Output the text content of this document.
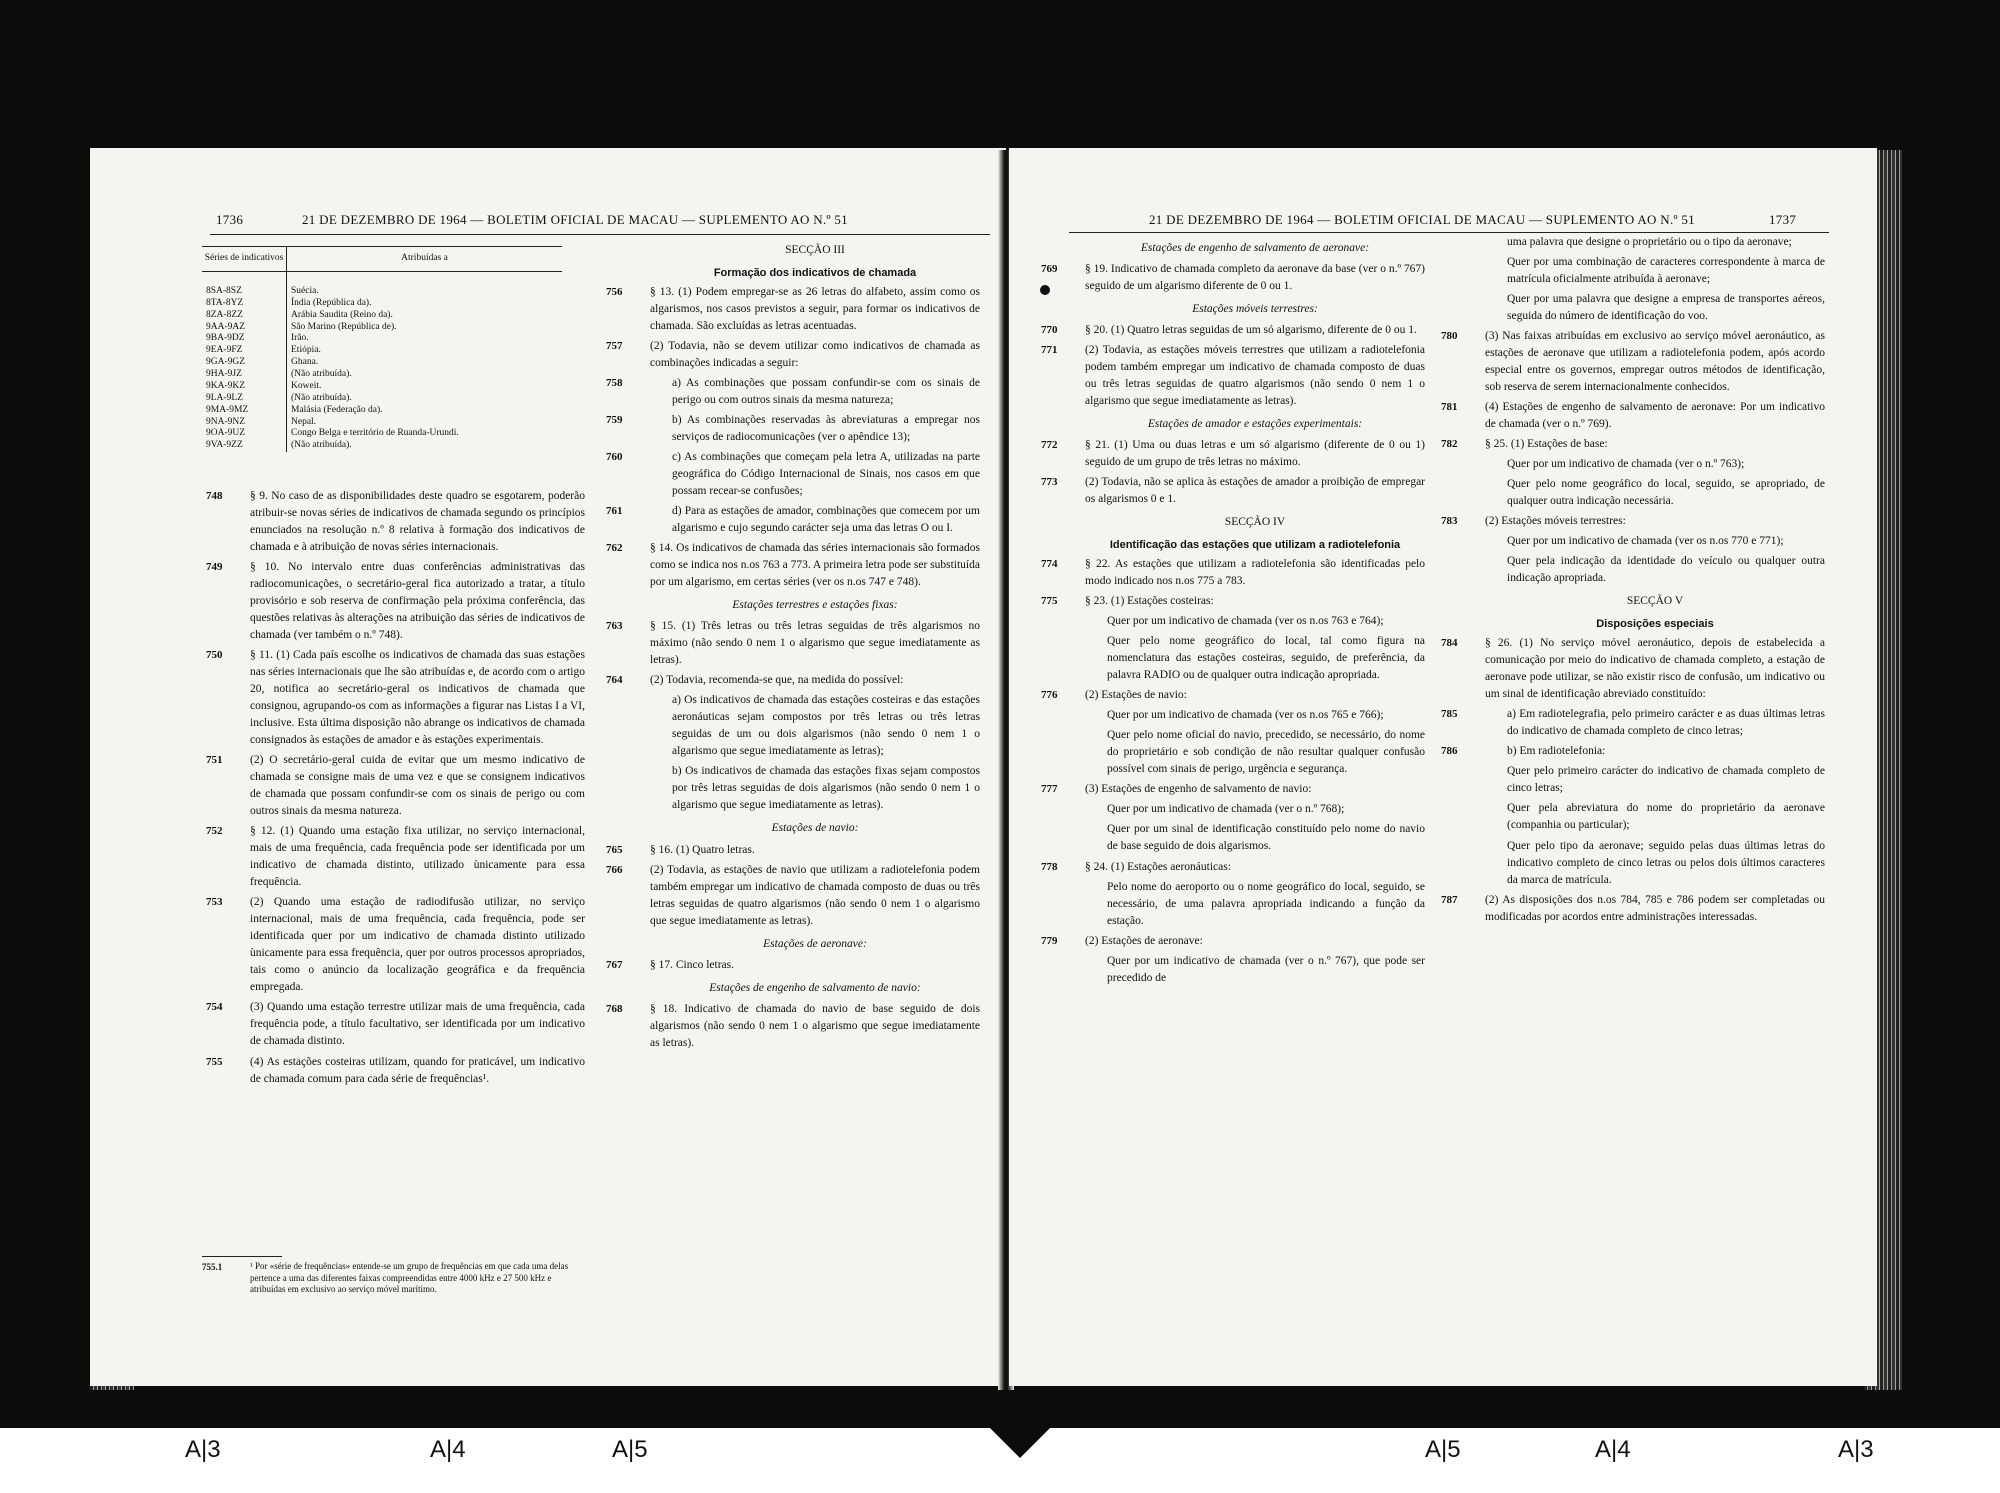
1736	21 DE DEZEMBRO DE 1964 — BOLETIM OFICIAL DE MACAU — SUPLEMENTO AO N.º 51
Séries de indicativos	Atribuídas a
8SA-8SZ	Suécia.
8TA-8YZ	Índia (República da).
8ZA-8ZZ	Arábia Saudita (Reino da).
9AA-9AZ	São Marino (República de).
9BA-9DZ	Irão.
9EA-9FZ	Etiópia.
9GA-9GZ	Ghana.
9HA-9JZ	(Não atribuída).
9KA-9KZ	Koweit.
9LA-9LZ	(Não atribuída).
9MA-9MZ	Malásia (Federação da).
9NA-9NZ	Nepal.
9OA-9UZ	Congo Belga e território de Ruanda-Urundi.
9VA-9ZZ	(Não atribuída).

748 § 9. No caso de as disponibilidades deste quadro se esgotarem, poderão atribuir-se novas séries de indicativos de chamada segundo os princípios enunciados na resolução n.º 8 relativa à formação dos indicativos de chamada e à atribuição de novas séries internacionais.

749 § 10. No intervalo entre duas conferências administrativas das radiocomunicações, o secretário-geral fica autorizado a tratar, a título provisório e sob reserva de confirmação pela próxima conferência, das questões relativas às alterações na atribuição das séries de indicativos de chamada (ver também o n.º 748).

750 § 11. (1) Cada país escolhe os indicativos de chamada das suas estações nas séries internacionais que lhe são atribuídas e, de acordo com o artigo 20, notifica ao secretário-geral os indicativos de chamada que consignou, agrupando-os com as informações a figurar nas Listas I a VI, inclusive. Esta última disposição não abrange os indicativos de chamada consignados às estações de amador e às estações experimentais.

751 (2) O secretário-geral cuida de evitar que um mesmo indicativo de chamada se consigne mais de uma vez e que se consignem indicativos de chamada que possam confundir-se com os sinais de perigo ou com outros sinais da mesma natureza.

752 § 12. (1) Quando uma estação fixa utilizar, no serviço internacional, mais de uma frequência, cada frequência pode ser identificada por um indicativo de chamada distinto, utilizado ùnicamente para essa frequência.

753 (2) Quando uma estação de radiodifusão utilizar, no serviço internacional, mais de uma frequência, cada frequência, pode ser identificada quer por um indicativo de chamada distinto utilizado ùnicamente para essa frequência, quer por outros processos apropriados, tais como o anúncio da localização geográfica e da frequência empregada.

754 (3) Quando uma estação terrestre utilizar mais de uma frequência, cada frequência pode, a título facultativo, ser identificada por um indicativo de chamada distinto.

755 (4) As estações costeiras utilizam, quando for praticável, um indicativo de chamada comum para cada série de frequências¹.

755.1	¹ Por «série de frequências» entende-se um grupo de frequências em que cada uma delas pertence a uma das diferentes faixas compreendidas entre 4000 kHz e 27 500 kHz e atribuídas em exclusivo ao serviço móvel marítimo.
SECÇÃO III
Formação dos indicativos de chamada

756 § 13. (1) Podem empregar-se as 26 letras do alfabeto, assim como os algarismos, nos casos previstos a seguir, para formar os indicativos de chamada. São excluídas as letras acentuadas.

757 (2) Todavia, não se devem utilizar como indicativos de chamada as combinações indicadas a seguir:

758	a) As combinações que possam confundir-se com os sinais de perigo ou com outros sinais da mesma natureza;

759	b) As combinações reservadas às abreviaturas a empregar nos serviços de radiocomunicações (ver o apêndice 13);

760	c) As combinações que começam pela letra A, utilizadas na parte geográfica do Código Internacional de Sinais, nos casos em que possam recear-se confusões;

761	d) Para as estações de amador, combinações que comecem por um algarismo e cujo segundo carácter seja uma das letras O ou I.

762 § 14. Os indicativos de chamada das séries internacionais são formados como se indica nos n.os 763 a 773. A primeira letra pode ser substituída por um algarismo, em certas séries (ver os n.os 747 e 748).

Estações terrestres e estações fixas:

763 § 15. (1) Três letras ou três letras seguidas de três algarismos no máximo (não sendo 0 nem 1 o algarismo que segue imediatamente as letras).

764 (2) Todavia, recomenda-se que, na medida do possível:

a) Os indicativos de chamada das estações costeiras e das estações aeronáuticas sejam compostos por três letras ou três letras seguidas de um ou dois algarismos (não sendo 0 nem 1 o algarismo que segue imediatamente as letras);

b) Os indicativos de chamada das estações fixas sejam compostos por três letras seguidas de dois algarismos (não sendo 0 nem 1 o algarismo que segue imediatamente as letras).

Estações de navio:

765 § 16. (1) Quatro letras.

766 (2) Todavia, as estações de navio que utilizam a radiotelefonia podem também empregar um indicativo de chamada composto de duas ou três letras seguidas de quatro algarismos (não sendo 0 nem 1 o algarismo que segue imediatamente as letras).

Estações de aeronave:

767 § 17. Cinco letras.

Estações de engenho de salvamento de navio:

768 § 18. Indicativo de chamada do navio de base seguido de dois algarismos (não sendo 0 nem 1 o algarismo que segue imediatamente as letras).

21 DE DEZEMBRO DE 1964 — BOLETIM OFICIAL DE MACAU — SUPLEMENTO AO N.º 51	1737
Estações de engenho de salvamento de aeronave:

769 § 19. Indicativo de chamada completo da aeronave da base (ver o n.º 767) seguido de um algarismo diferente de 0 ou 1.

Estações móveis terrestres:

770 § 20. (1) Quatro letras seguidas de um só algarismo, diferente de 0 ou 1.

771 (2) Todavia, as estações móveis terrestres que utilizam a radiotelefonia podem também empregar um indicativo de chamada composto de duas ou três letras seguidas de quatro algarismos (não sendo 0 nem 1 o algarismo que segue imediatamente as letras).

Estações de amador e estações experimentais:

772 § 21. (1) Uma ou duas letras e um só algarismo (diferente de 0 ou 1) seguido de um grupo de três letras no máximo.

773 (2) Todavia, não se aplica às estações de amador a proibição de empregar os algarismos 0 e 1.

SECÇÃO IV
Identificação das estações que utilizam a radiotelefonia

774 § 22. As estações que utilizam a radiotelefonia são identificadas pelo modo indicado nos n.os 775 a 783.

775 § 23. (1) Estações costeiras:

Quer por um indicativo de chamada (ver os n.os 763 e 764);

Quer pelo nome geográfico do local, tal como figura na nomenclatura das estações costeiras, seguido, de preferência, da palavra RADIO ou de qualquer outra indicação apropriada.

776 (2) Estações de navio:

Quer por um indicativo de chamada (ver os n.os 765 e 766);

Quer pelo nome oficial do navio, precedido, se necessário, do nome do proprietário e sob condição de não resultar qualquer confusão possível com sinais de perigo, urgência e segurança.

777 (3) Estações de engenho de salvamento de navio:

Quer por um indicativo de chamada (ver o n.º 768);

Quer por um sinal de identificação constituído pelo nome do navio de base seguido de dois algarismos.

778 § 24. (1) Estações aeronáuticas:

Pelo nome do aeroporto ou o nome geográfico do local, seguido, se necessário, de uma palavra apropriada indicando a função da estação.

779 (2) Estações de aeronave:

Quer por um indicativo de chamada (ver o n.º 767), que pode ser precedido de

uma palavra que designe o proprietário ou o tipo da aeronave;

Quer por uma combinação de caracteres correspondente à marca de matrícula oficialmente atribuída à aeronave;

Quer por uma palavra que designe a empresa de transportes aéreos, seguida do número de identificação do voo.

780 (3) Nas faixas atribuídas em exclusivo ao serviço móvel aeronáutico, as estações de aeronave que utilizam a radiotelefonia podem, após acordo especial entre os governos, empregar outros métodos de identificação, sob reserva de serem internacionalmente conhecidos.

781 (4) Estações de engenho de salvamento de aeronave: Por um indicativo de chamada (ver o n.º 769).

782 § 25. (1) Estações de base:

Quer por um indicativo de chamada (ver o n.º 763);

Quer pelo nome geográfico do local, seguido, se apropriado, de qualquer outra indicação necessária.

783 (2) Estações móveis terrestres:

Quer por um indicativo de chamada (ver os n.os 770 e 771);

Quer pela indicação da identidade do veículo ou qualquer outra indicação apropriada.

SECÇÃO V
Disposições especiais

784 § 26. (1) No serviço móvel aeronáutico, depois de estabelecida a comunicação por meio do indicativo de chamada completo, a estação de aeronave pode utilizar, se não existir risco de confusão, um indicativo ou um sinal de identificação abreviado constituído:

785	a) Em radiotelegrafia, pelo primeiro carácter e as duas últimas letras do indicativo de chamada completo de cinco letras;

786	b) Em radiotelefonia:

Quer pelo primeiro carácter do indicativo de chamada completo de cinco letras;

Quer pela abreviatura do nome do proprietário da aeronave (companhia ou particular);

Quer pelo tipo da aeronave; seguido pelas duas últimas letras do indicativo completo de cinco letras ou pelos dois últimos caracteres da marca de matrícula.

787 (2) As disposições dos n.os 784, 785 e 786 podem ser completadas ou modificadas por acordos entre administrações interessadas.

A|3	A|4	A|5	A|5	A|4	A|3
